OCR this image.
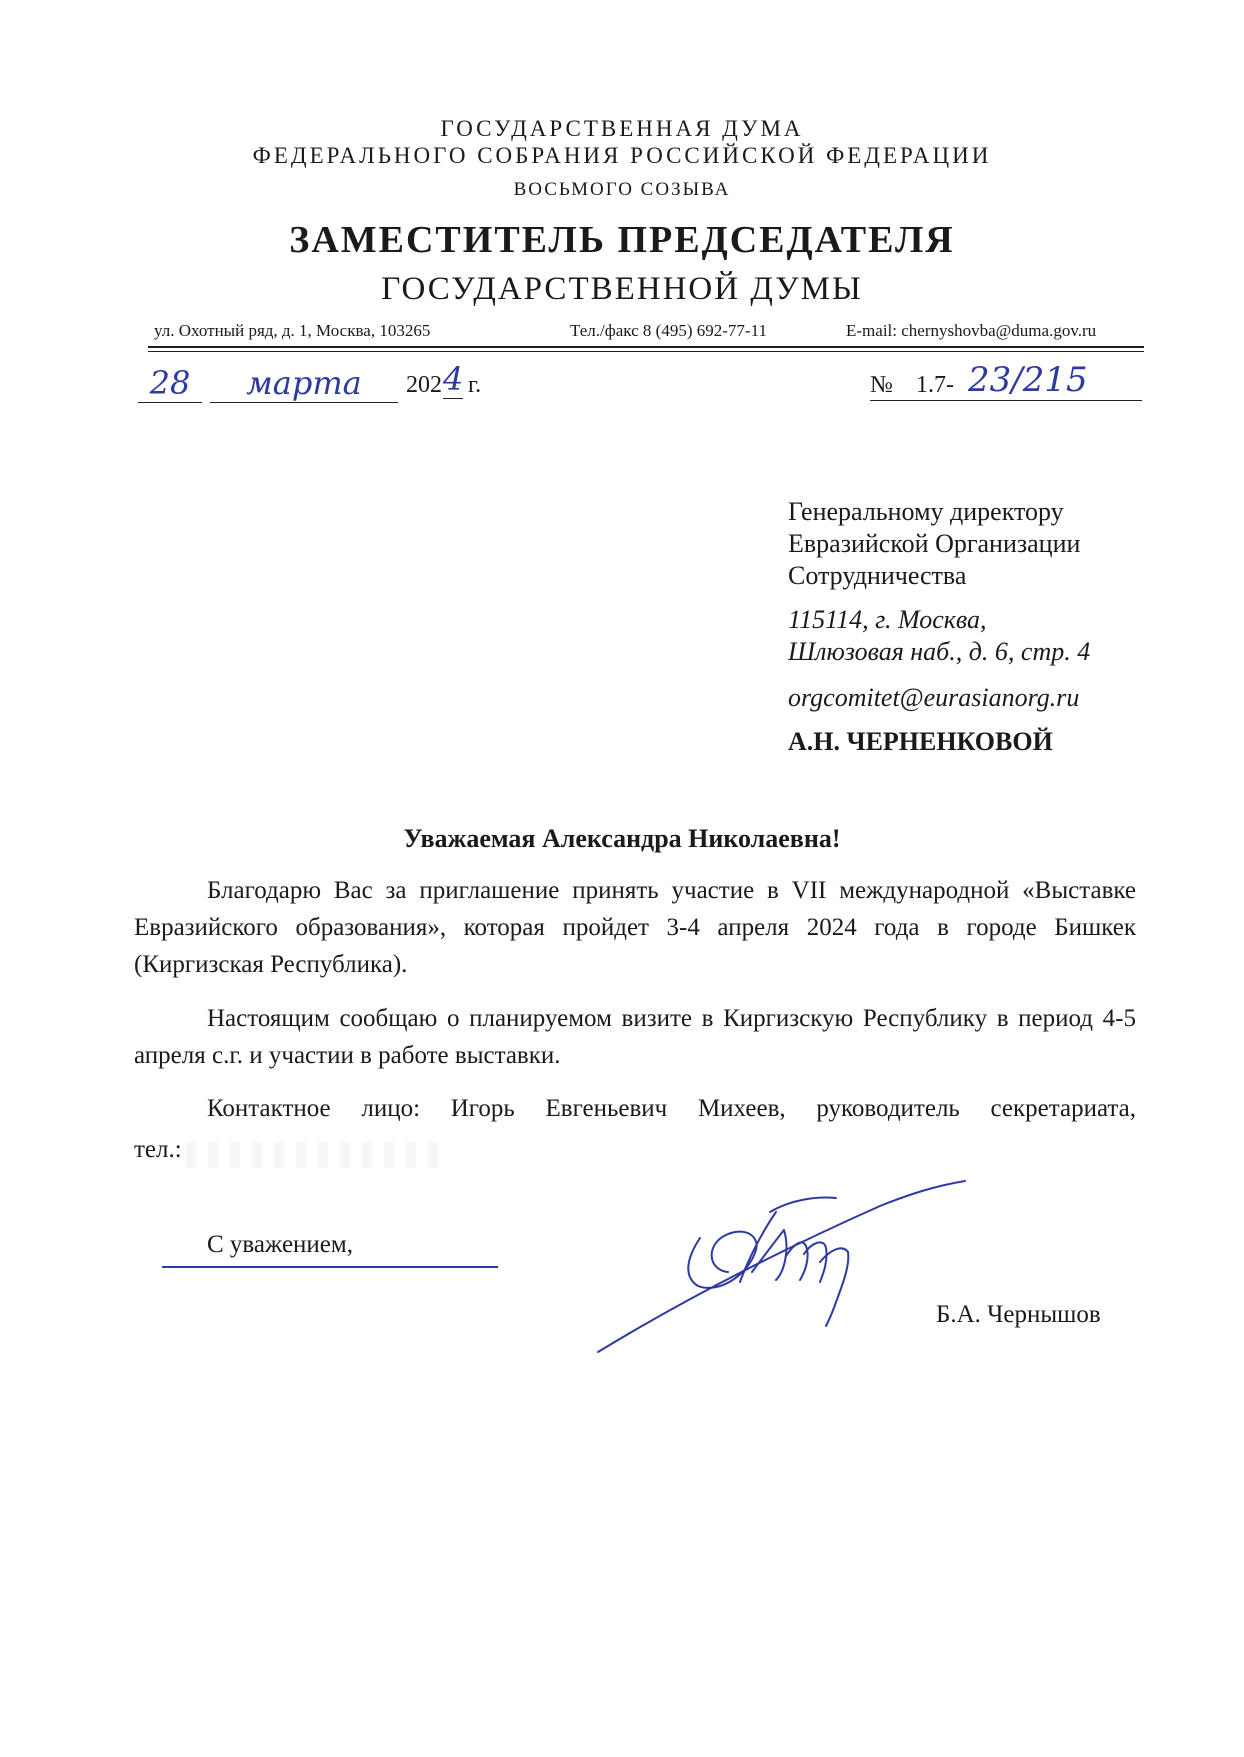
ГОСУДАРСТВЕННАЯ ДУМА
ФЕДЕРАЛЬНОГО СОБРАНИЯ РОССИЙСКОЙ ФЕДЕРАЦИИ
ВОСЬМОГО СОЗЫВА
ЗАМЕСТИТЕЛЬ ПРЕДСЕДАТЕЛЯ
ГОСУДАРСТВЕННОЙ ДУМЫ
ул. Охотный ряд, д. 1, Москва, 103265	Тел./факс 8 (495) 692-77-11	E-mail: chernyshovba@duma.gov.ru
28	марта	202 4 г.	№ 1.7- 23/215
Генеральному директору
Евразийской Организации
Сотрудничества
115114, г. Москва,
Шлюзовая наб., д. 6, стр. 4
orgcomitet@eurasianorg.ru
А.Н. ЧЕРНЕНКОВОЙ
Уважаемая Александра Николаевна!
Благодарю Вас за приглашение принять участие в VII международной «Выставке Евразийского образования», которая пройдет 3-4 апреля 2024 года в городе Бишкек (Киргизская Республика).
Настоящим сообщаю о планируемом визите в Киргизскую Республику в период 4-5 апреля с.г. и участии в работе выставки.
Контактное лицо: Игорь Евгеньевич Михеев, руководитель секретариата,
тел.:
С уважением,
Б.А. Чернышов
